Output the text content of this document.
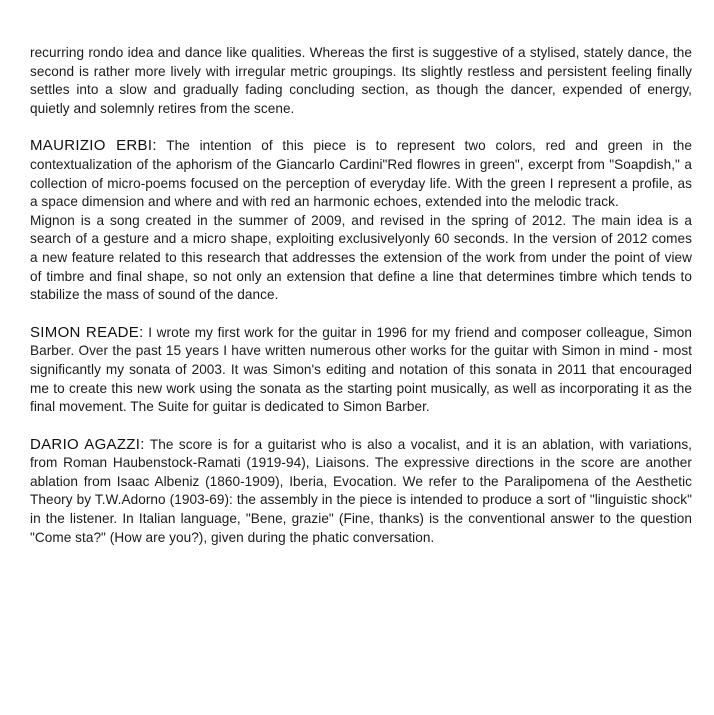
recurring rondo idea and dance like qualities. Whereas the first is suggestive of a stylised, stately dance, the second is rather more lively with irregular metric groupings. Its slightly restless and persistent feeling finally settles into a slow and gradually fading concluding section, as though the dancer, expended of energy, quietly and solemnly retires from the scene.

MAURIZIO ERBI: The intention of this piece is to represent two colors, red and green in the contextualization of the aphorism of the Giancarlo Cardini"Red flowres in green", excerpt from "Soapdish," a collection of micro-poems focused on the perception of everyday life. With the green I represent a profile, as a space dimension and where and with red an harmonic echoes, extended into the melodic track.

Mignon is a song created in the summer of 2009, and revised in the spring of 2012. The main idea is a search of a gesture and a micro shape, exploiting exclusivelyonly 60 seconds. In the version of 2012 comes a new feature related to this research that addresses the extension of the work from under the point of view of timbre and final shape, so not only an extension that define a line that determines timbre which tends to stabilize the mass of sound of the dance.

SIMON READE: I wrote my first work for the guitar in 1996 for my friend and composer colleague, Simon Barber. Over the past 15 years I have written numerous other works for the guitar with Simon in mind - most significantly my sonata of 2003. It was Simon's editing and notation of this sonata in 2011 that encouraged me to create this new work using the sonata as the starting point musically, as well as incorporating it as the final movement. The Suite for guitar is dedicated to Simon Barber.

DARIO AGAZZI: The score is for a guitarist who is also a vocalist, and it is an ablation, with variations, from Roman Haubenstock-Ramati (1919-94), Liaisons. The expressive directions in the score are another ablation from Isaac Albeniz (1860-1909), Iberia, Evocation. We refer to the Paralipomena of the Aesthetic Theory by T.W.Adorno (1903-69): the assembly in the piece is intended to produce a sort of "linguistic shock" in the listener. In Italian language, "Bene, grazie" (Fine, thanks) is the conventional answer to the question "Come sta?" (How are you?), given during the phatic conversation.
